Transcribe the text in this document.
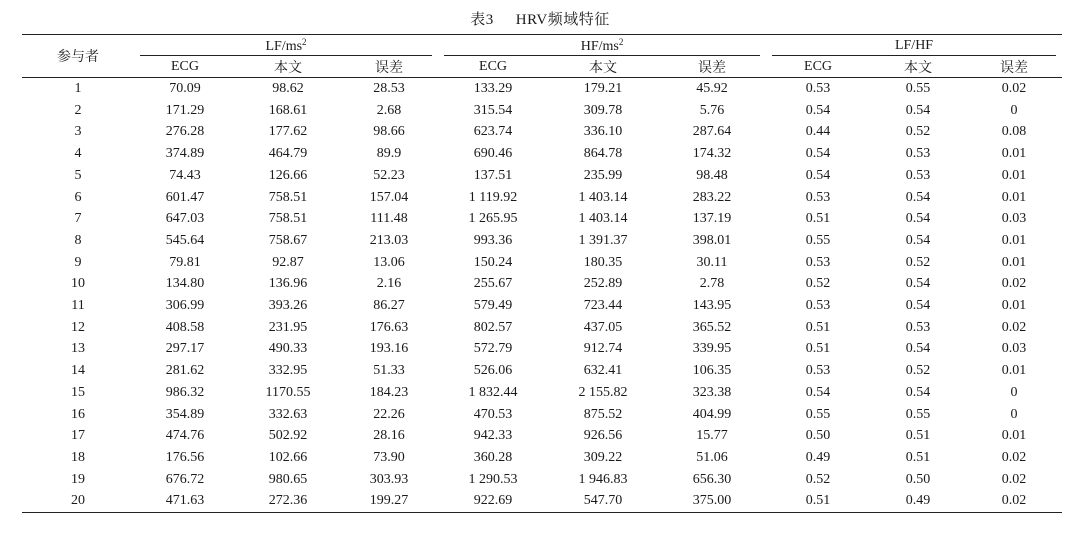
表3 HRV频域特征
参与者	$LF/ms^2$			$HF/ms^2$			LF/HF		

	ECG	本文	误差	ECG	本文	误差	ECG	本文	误差
1	70.09	98.62	28.53	133.29	179.21	45.92	0.53	0.55	0.02
2	171.29	168.61	2.68	315.54	309.78	5.76	0.54	0.54	0
3	276.28	177.62	98.66	623.74	336.10	287.64	0.44	0.52	0.08
4	374.89	464.79	89.9	690.46	864.78	174.32	0.54	0.53	0.01
5	74.43	126.66	52.23	137.51	235.99	98.48	0.54	0.53	0.01
6	601.47	758.51	157.04	1 119.92	1 403.14	283.22	0.53	0.54	0.01
7	647.03	758.51	111.48	1 265.95	1 403.14	137.19	0.51	0.54	0.03
8	545.64	758.67	213.03	993.36	1 391.37	398.01	0.55	0.54	0.01
9	79.81	92.87	13.06	150.24	180.35	30.11	0.53	0.52	0.01
10	134.80	136.96	2.16	255.67	252.89	2.78	0.52	0.54	0.02
11	306.99	393.26	86.27	579.49	723.44	143.95	0.53	0.54	0.01
12	408.58	231.95	176.63	802.57	437.05	365.52	0.51	0.53	0.02
13	297.17	490.33	193.16	572.79	912.74	339.95	0.51	0.54	0.03
14	281.62	332.95	51.33	526.06	632.41	106.35	0.53	0.52	0.01
15	986.32	1170.55	184.23	1 832.44	2 155.82	323.38	0.54	0.54	0
16	354.89	332.63	22.26	470.53	875.52	404.99	0.55	0.55	0
17	474.76	502.92	28.16	942.33	926.56	15.77	0.50	0.51	0.01
18	176.56	102.66	73.90	360.28	309.22	51.06	0.49	0.51	0.02
19	676.72	980.65	303.93	1 290.53	1 946.83	656.30	0.52	0.50	0.02
20	471.63	272.36	199.27	922.69	547.70	375.00	0.51	0.49	0.02
